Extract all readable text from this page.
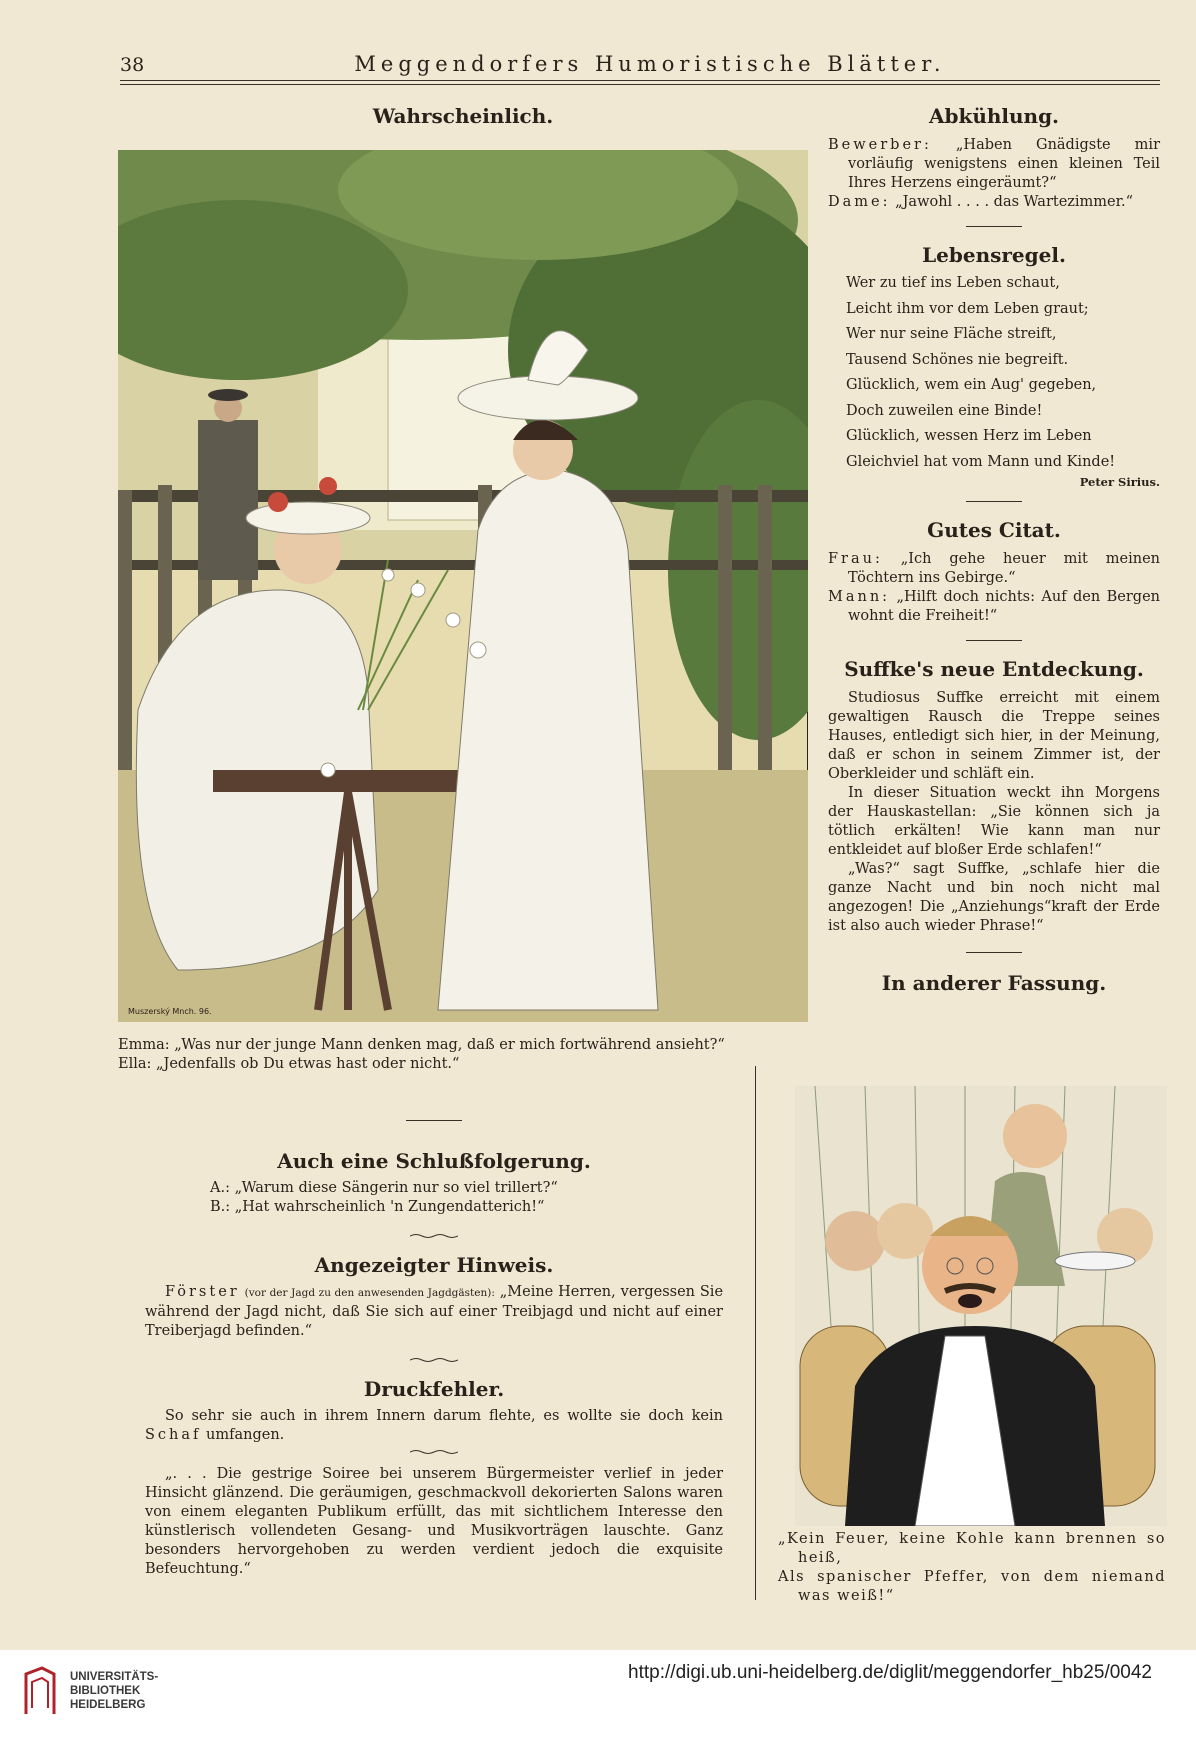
38	Meggendorfers Humoristische Blätter.

Wahrscheinlich.

Muszerský Mnch. 96.

Emma: „Was nur der junge Mann denken mag, daß er mich fortwährend ansieht?“

Ella: „Jedenfalls ob Du etwas hast oder nicht.“

Auch eine Schlußfolgerung.

A.: „Warum diese Sängerin nur so viel trillert?“

B.: „Hat wahrscheinlich 'n Zungendatterich!“

Angezeigter Hinweis.

Förster (vor der Jagd zu den anwesenden Jagdgästen): „Meine Herren, vergessen Sie während der Jagd nicht, daß Sie sich auf einer Treibjagd und nicht auf einer Treiberjagd befinden.“

Druckfehler.

So sehr sie auch in ihrem Innern darum flehte, es wollte sie doch kein Schaf umfangen.
„. . . Die gestrige Soiree bei unserem Bürgermeister verlief in jeder Hinsicht glänzend. Die geräumigen, geschmackvoll dekorierten Salons waren von einem eleganten Publikum erfüllt, das mit sichtlichem Interesse den künstlerisch vollendeten Gesang- und Musikvorträgen lauschte. Ganz besonders hervorgehoben zu werden verdient jedoch die exquisite Befeuchtung.“

Abkühlung.

Bewerber: „Haben Gnädigste mir vorläufig wenigstens einen kleinen Teil Ihres Herzens eingeräumt?“

Dame: „Jawohl . . . . das Wartezimmer.“

Lebensregel.

Wer zu tief ins Leben schaut,

Leicht ihm vor dem Leben graut;

Wer nur seine Fläche streift,

Tausend Schönes nie begreift.

Glücklich, wem ein Aug' gegeben,

Doch zuweilen eine Binde!

Glücklich, wessen Herz im Leben

Gleichviel hat vom Mann und Kinde!

Peter Sirius.

Gutes Citat.

Frau: „Ich gehe heuer mit meinen Töchtern ins Gebirge.“

Mann: „Hilft doch nichts: Auf den Bergen wohnt die Freiheit!“

Suffke's neue Entdeckung.

Studiosus Suffke erreicht mit einem gewaltigen Rausch die Treppe seines Hauses, entledigt sich hier, in der Meinung, daß er schon in seinem Zimmer ist, der Oberkleider und schläft ein.

In dieser Situation weckt ihn Morgens der Hauskastellan: „Sie können sich ja tötlich erkälten! Wie kann man nur entkleidet auf bloßer Erde schlafen!“

„Was?“ sagt Suffke, „schlafe hier die ganze Nacht und bin noch nicht mal angezogen! Die „Anziehungs“kraft der Erde ist also auch wieder Phrase!“

In anderer Fassung.

„Kein Feuer, keine Kohle kann brennen so heiß,

Als spanischer Pfeffer, von dem niemand was weiß!“

UNIVERSITÄTS-
BIBLIOTHEK
HEIDELBERG
http://digi.ub.uni-heidelberg.de/diglit/meggendorfer_hb25/0042
